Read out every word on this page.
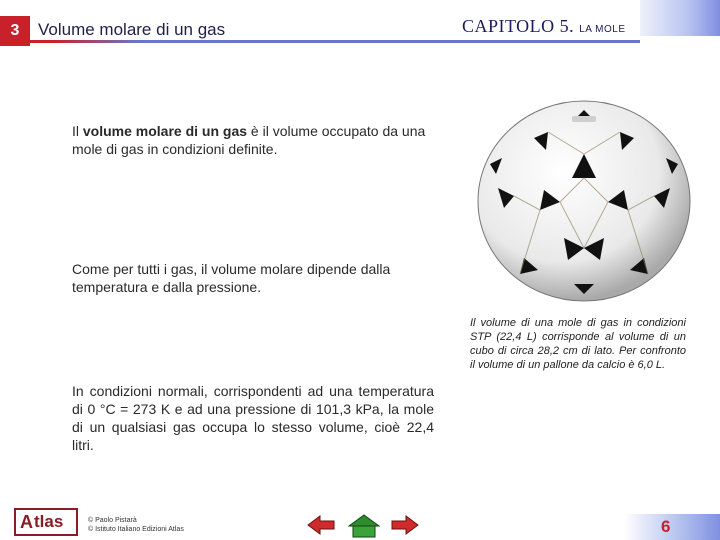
3	Volume molare di un gas	CAPITOLO 5. LA MOLE
Il volume molare di un gas è il volume occupato da una mole di gas in condizioni definite.
Come per tutti i gas, il volume molare dipende dalla temperatura e dalla pressione.
In condizioni normali, corrispondenti ad una temperatura di 0 °C = 273 K e ad una pressione di 101,3 kPa, la mole di un qualsiasi gas occupa lo stesso volume, cioè 22,4 litri.
Il volume di una mole di gas in condizioni STP (22,4 L) corrisponde al volume di un cubo di circa 28,2 cm di lato. Per confronto il volume di un pallone da calcio è 6,0 L.
A tlas	© Paolo Pistarà
© Istituto Italiano Edizioni Atlas	6
